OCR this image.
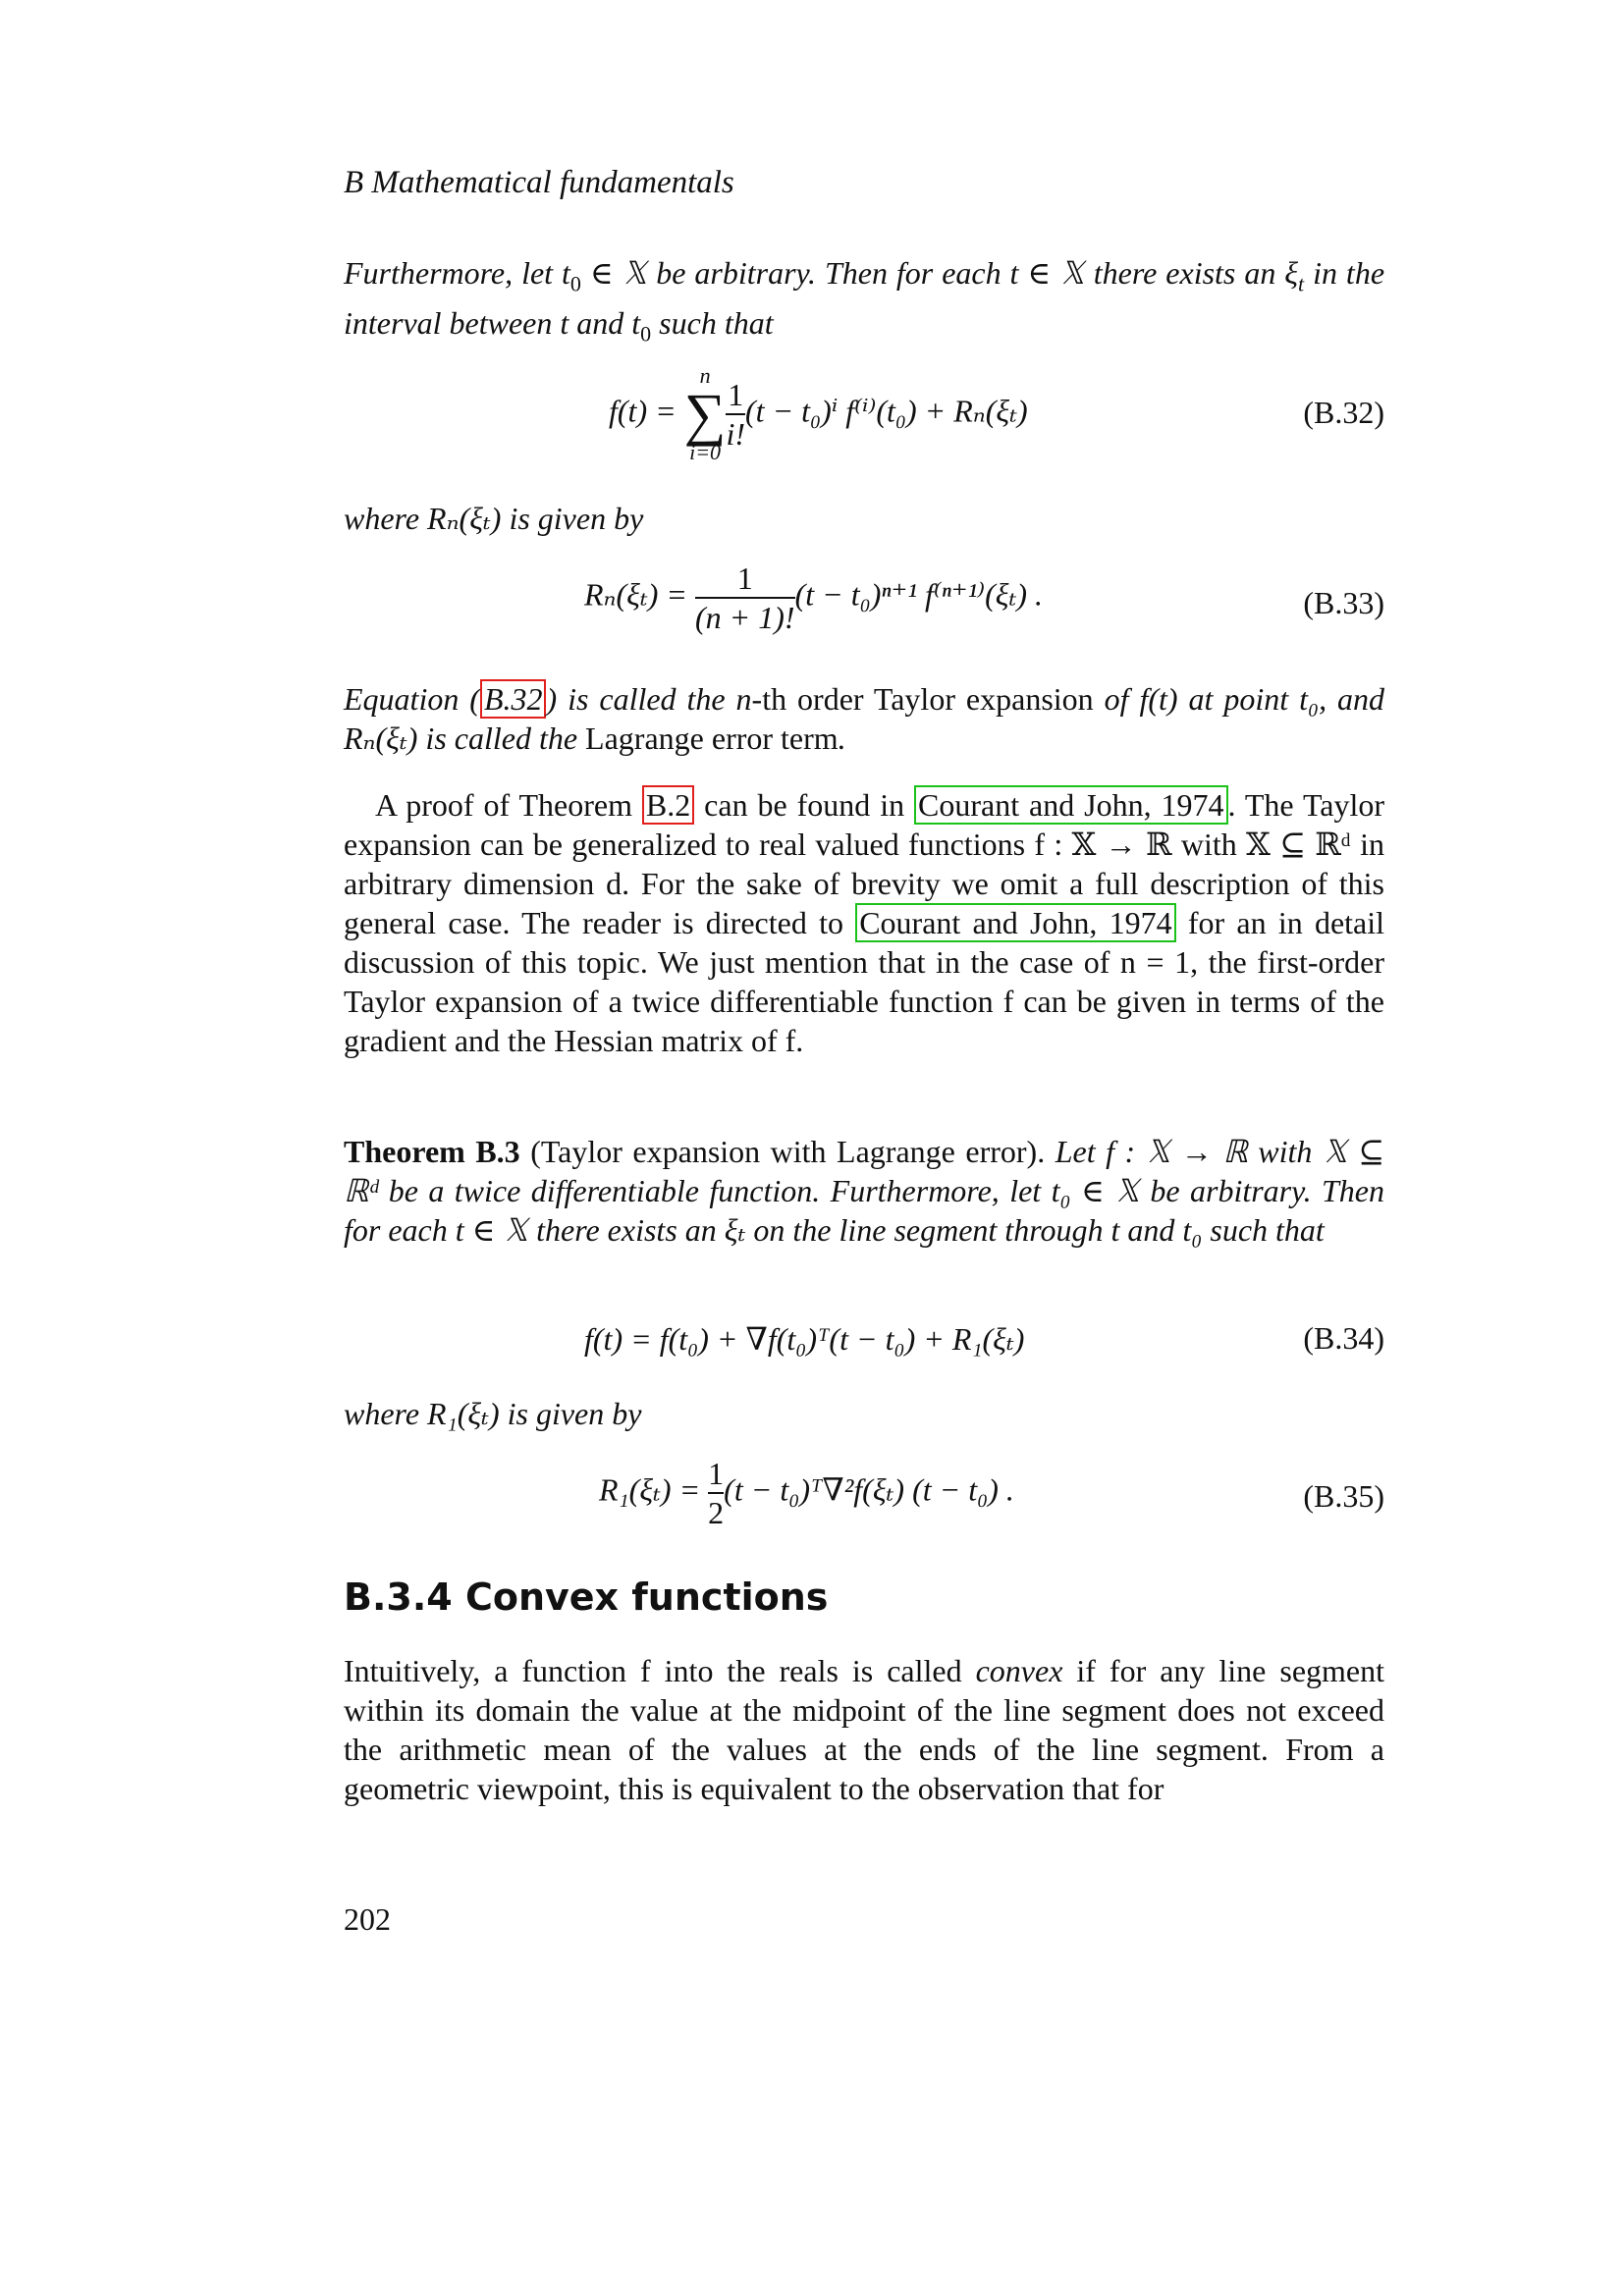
B Mathematical fundamentals
Furthermore, let $t_0$ ∈ 𝕏 be arbitrary. Then for each t ∈ 𝕏 there exists an $\xi_t$ in the interval between t and $t_0$ such that
f(t) =
n
∑
$i=0 \frac{1}{i!} (t - t_0)^i$ f⁽ⁱ⁾(t₀) + Rₙ(ξₜ)	(B.32)
where Rₙ(ξₜ) is given by
$R_n(\xi_t) = \frac{1}{(n + 1)!} (t - t_0)^{n+1}$ f⁽ⁿ⁺¹⁾(ξₜ) .	(B.33)
Equation ( B.32 ) is called the n-th order Taylor expansion of f(t) at point t₀, and Rₙ(ξₜ) is called the Lagrange error term.
A proof of Theorem B.2 can be found in Courant and John, 1974 . The Taylor expansion can be generalized to real valued functions f : 𝕏 → ℝ with 𝕏 ⊆ ℝᵈ in arbitrary dimension d. For the sake of brevity we omit a full description of this general case. The reader is directed to Courant and John, 1974 for an in detail discussion of this topic. We just mention that in the case of n = 1, the first-order Taylor expansion of a twice differentiable function f can be given in terms of the gradient and the Hessian matrix of f.
Theorem B.3 (Taylor expansion with Lagrange error). Let f : 𝕏 → ℝ with 𝕏 ⊆ ℝᵈ be a twice differentiable function. Furthermore, let t₀ ∈ 𝕏 be arbitrary. Then for each t ∈ 𝕏 there exists an ξₜ on the line segment through t and t₀ such that
f(t) = f(t₀) + ∇f(t₀)ᵀ(t − t₀) + R₁(ξₜ)	(B.34)
where R₁(ξₜ) is given by
$R_1(\xi_t) = \frac{1}{2} (t$ − t₀)ᵀ∇²f(ξₜ) (t − t₀) .	(B.35)
B.3.4 Convex functions
Intuitively, a function f into the reals is called convex if for any line segment within its domain the value at the midpoint of the line segment does not exceed the arithmetic mean of the values at the ends of the line segment. From a geometric viewpoint, this is equivalent to the observation that for
202
